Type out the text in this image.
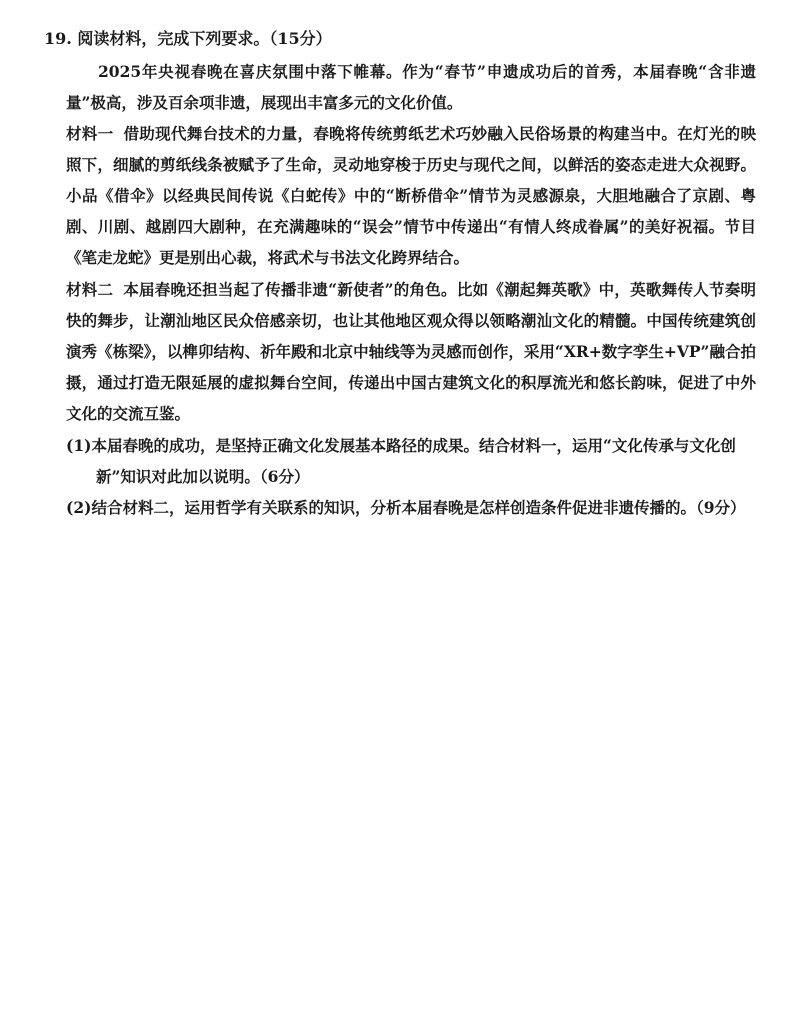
19. 阅读材料，完成下列要求。（15分）
2025年央视春晚在喜庆氛围中落下帷幕。作为“春节”申遗成功后的首秀，本届春晚“含非遗量”极高，涉及百余项非遗，展现出丰富多元的文化价值。
材料一 借助现代舞台技术的力量，春晚将传统剪纸艺术巧妙融入民俗场景的构建当中。在灯光的映照下，细腻的剪纸线条被赋予了生命，灵动地穿梭于历史与现代之间，以鲜活的姿态走进大众视野。小品《借伞》以经典民间传说《白蛇传》中的“断桥借伞”情节为灵感源泉，大胆地融合了京剧、粤剧、川剧、越剧四大剧种，在充满趣味的“误会”情节中传递出“有情人终成眷属”的美好祝福。节目《笔走龙蛇》更是别出心裁，将武术与书法文化跨界结合。
材料二 本届春晚还担当起了传播非遗“新使者”的角色。比如《潮起舞英歌》中，英歌舞传人节奏明快的舞步，让潮汕地区民众倍感亲切，也让其他地区观众得以领略潮汕文化的精髓。中国传统建筑创演秀《栋梁》，以榫卯结构、祈年殿和北京中轴线等为灵感而创作，采用“XR+数字孪生+VP”融合拍摄，通过打造无限延展的虚拟舞台空间，传递出中国古建筑文化的积厚流光和悠长韵味，促进了中外文化的交流互鉴。
(1)本届春晚的成功，是坚持正确文化发展基本路径的成果。结合材料一，运用“文化传承与文化创新”知识对此加以说明。（6分）
(2)结合材料二，运用哲学有关联系的知识，分析本届春晚是怎样创造条件促进非遗传播的。（9分）
